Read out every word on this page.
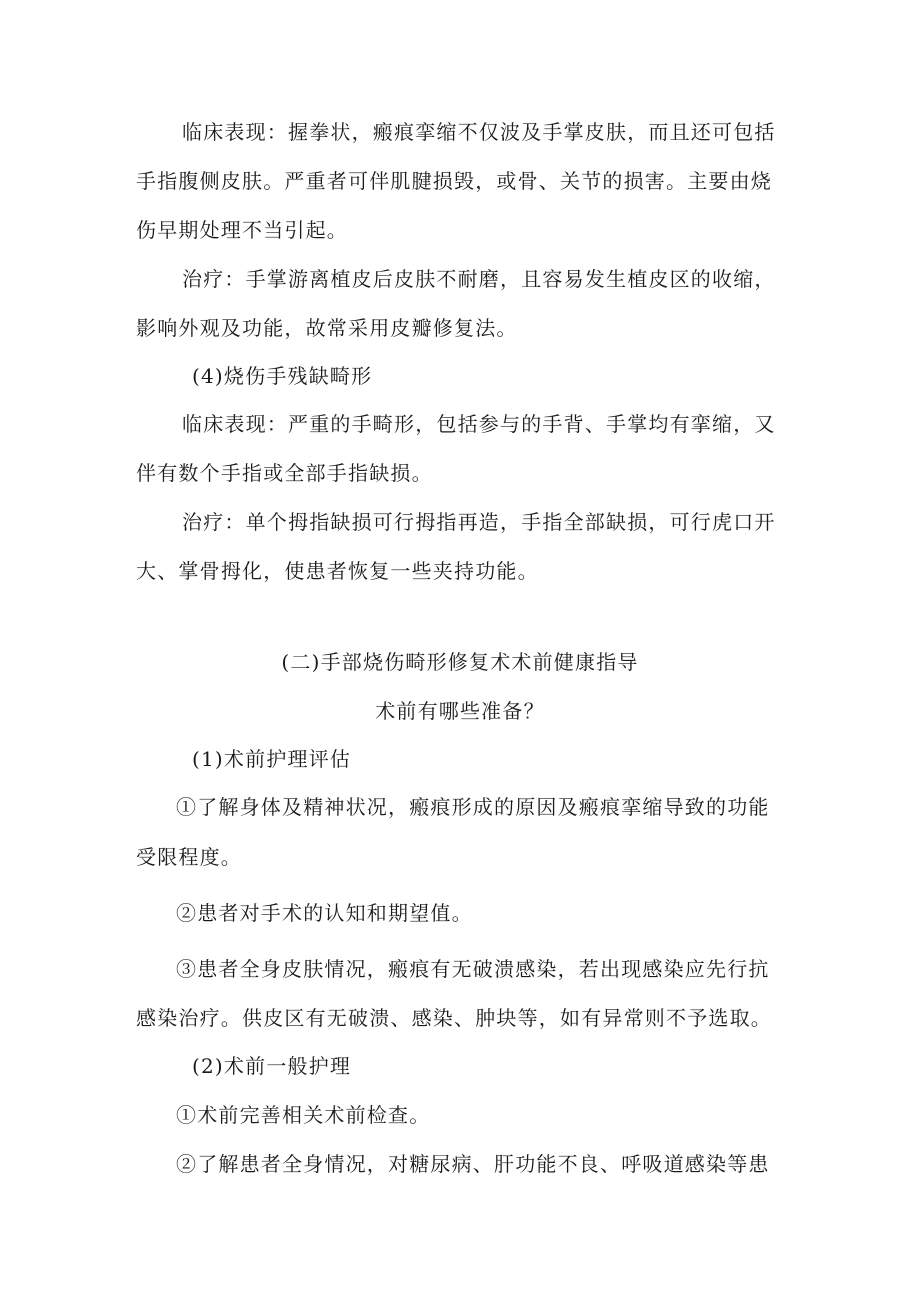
临床表现：握拳状，瘢痕挛缩不仅波及手掌皮肤，而且还可包括
手指腹侧皮肤。严重者可伴肌腱损毁，或骨、关节的损害。主要由烧
伤早期处理不当引起。
治疗：手掌游离植皮后皮肤不耐磨，且容易发生植皮区的收缩，
影响外观及功能，故常采用皮瓣修复法。
(4)烧伤手残缺畸形
临床表现：严重的手畸形，包括参与的手背、手掌均有挛缩，又
伴有数个手指或全部手指缺损。
治疗：单个拇指缺损可行拇指再造，手指全部缺损，可行虎口开
大、掌骨拇化，使患者恢复一些夹持功能。
(二)手部烧伤畸形修复术术前健康指导
术前有哪些准备？
(1)术前护理评估
①了解身体及精神状况，瘢痕形成的原因及瘢痕挛缩导致的功能
受限程度。
②患者对手术的认知和期望值。
③患者全身皮肤情况，瘢痕有无破溃感染，若出现感染应先行抗
感染治疗。供皮区有无破溃、感染、肿块等，如有异常则不予选取。
(2)术前一般护理
①术前完善相关术前检查。
②了解患者全身情况，对糖尿病、肝功能不良、呼吸道感染等患
